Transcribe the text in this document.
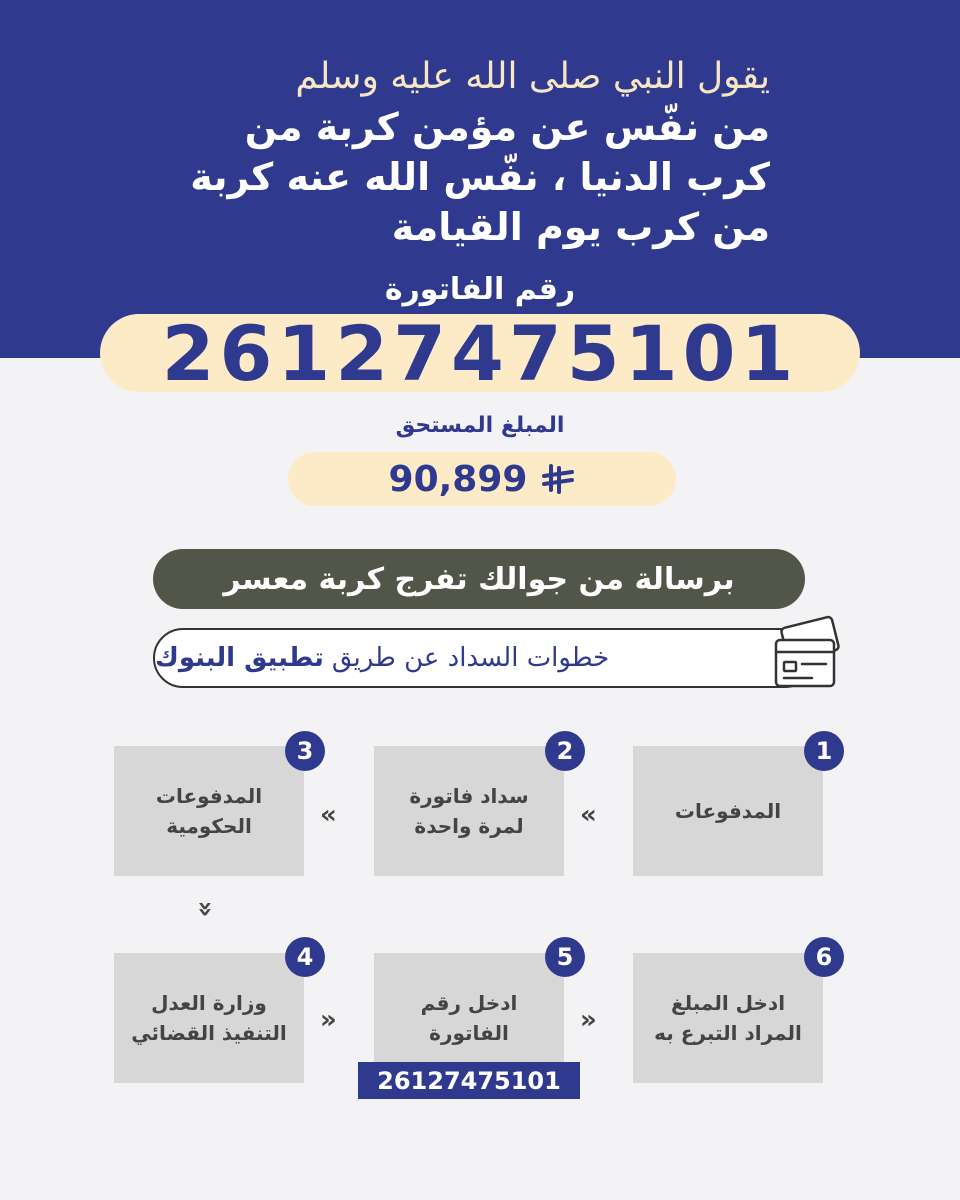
يقول النبي صلى الله عليه وسلم
من نفّس عن مؤمن كربة من
كرب الدنيا ، نفّس الله عنه كربة
من كرب يوم القيامة
رقم الفاتورة
26127475101
المبلغ المستحق
90,899
برسالة من جوالك تفرج كربة معسر
خطوات السداد عن طريق
تطبيق البنوك
المدفوعات
1
سداد فاتورة لمرة واحدة
2
المدفوعات الحكومية
3
«
«
«
وزارة العدل التنفيذ القضائي
4
ادخل رقم الفاتورة
5
26127475101
ادخل المبلغ المراد التبرع به
6
«	«
